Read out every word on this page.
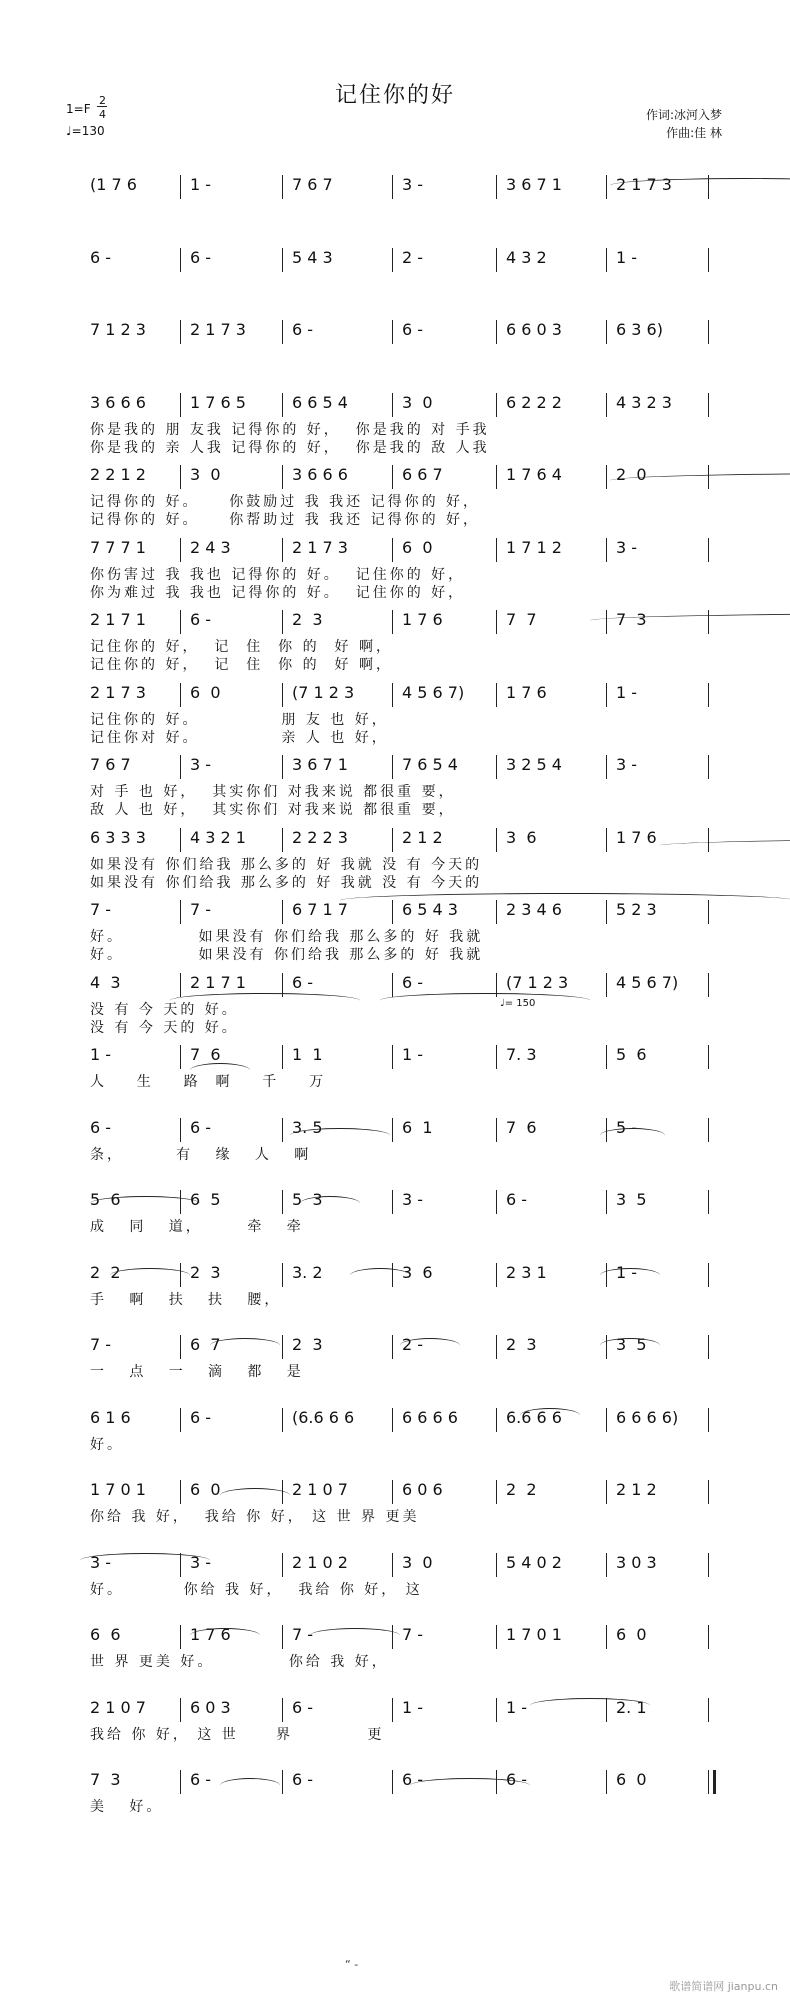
记住你的好
1=F
2
4
♩=130
作词:冰河入梦
作曲:佳 林
(1 7 6	1 -	7 6 7	3 -	3 6 7 1	2 1 7 3
6 -	6 -	5 4 3	2 -	4 3 2	1 -
7 1 2 3	2 1 7 3	6 -	6 -	6 6 0 3	6 3 6)
3 6 6 6	1 7 6 5	6 6 5 4	3  0	6 2 2 2	4 3 2 3
你是我的 朋 友我 记得你的 好，  你是我的 对 手我
你是我的 亲 人我 记得你的 好，  你是我的 敌 人我
2 2 1 2	3  0	3 6 6 6	6 6 7	1 7 6 4	2  0
记得你的 好。    你鼓励过 我 我还 记得你的 好，
记得你的 好。    你帮助过 我 我还 记得你的 好，
7 7 7 1	2 4 3	2 1 7 3	6  0	1 7 1 2	3 -
你伤害过 我 我也 记得你的 好。  记住你的 好，
你为难过 我 我也 记得你的 好。  记住你的 好，
2 1 7 1	6 -	2  3	1 7 6	7  7	7  3
记住你的 好，  记  住  你 的  好 啊，
记住你的 好，  记  住  你 的  好 啊，
2 1 7 3	6  0	(7 1 2 3	4 5 6 7)	1 7 6	1 -
记住你的 好。           朋 友 也 好，
记住你对 好。           亲 人 也 好，
7 6 7	3 -	3 6 7 1	7 6 5 4	3 2 5 4	3 -
对 手 也 好，  其实你们 对我来说 都很重 要，
敌 人 也 好，  其实你们 对我来说 都很重 要，
6 3 3 3	4 3 2 1	2 2 2 3	2 1 2	3  6	1 7 6
如果没有 你们给我 那么多的 好 我就 没 有 今天的
如果没有 你们给我 那么多的 好 我就 没 有 今天的
7 -	7 -	6 7 1 7	6 5 4 3	2 3 4 6	5 2 3
好。          如果没有 你们给我 那么多的 好 我就
好。          如果没有 你们给我 那么多的 好 我就
4  3	2 1 7 1	6 -	6 -	(7 1 2 3	4 5 6 7)
没 有 今 天的 好。
没 有 今 天的 好。
1 -	7  6	1  1	1 -	7. 3	5  6
人    生    路  啊    千    万
6 -	6 -	3. 5	6  1	7  6	5 -
条，       有   缘   人   啊
5  6	6  5	5  3	3 -	6 -	3  5
成   同   道，      牵   牵
2  2	2  3	3. 2	3  6	2 3 1	1 -
手   啊   扶   扶   腰，
7 -	6  7	2  3	2 -	2  3	3  5
一   点   一   滴   都   是
6 1 6	6 -	(6.6 6 6	6 6 6 6	6.6 6 6	6 6 6 6)
好。
1 7 0 1	6  0	2 1 0 7	6 0 6	2  2	2 1 2
你给 我 好，  我给 你 好， 这 世 界 更美
3 -	3 -	2 1 0 2	3  0	5 4 0 2	3 0 3
好。        你给 我 好，  我给 你 好， 这
6  6	1 7 6	7 -	7 -	1 7 0 1	6  0
世 界 更美 好。          你给 我 好，
2 1 0 7	6 0 3	6 -	1 -	1 -	2. 1
我给 你 好， 这 世     界          更
7  3	6 -	6 -	6 -	6 -	6  0
美   好。
♩= 150
“ -
歌谱简谱网 jianpu.cn
